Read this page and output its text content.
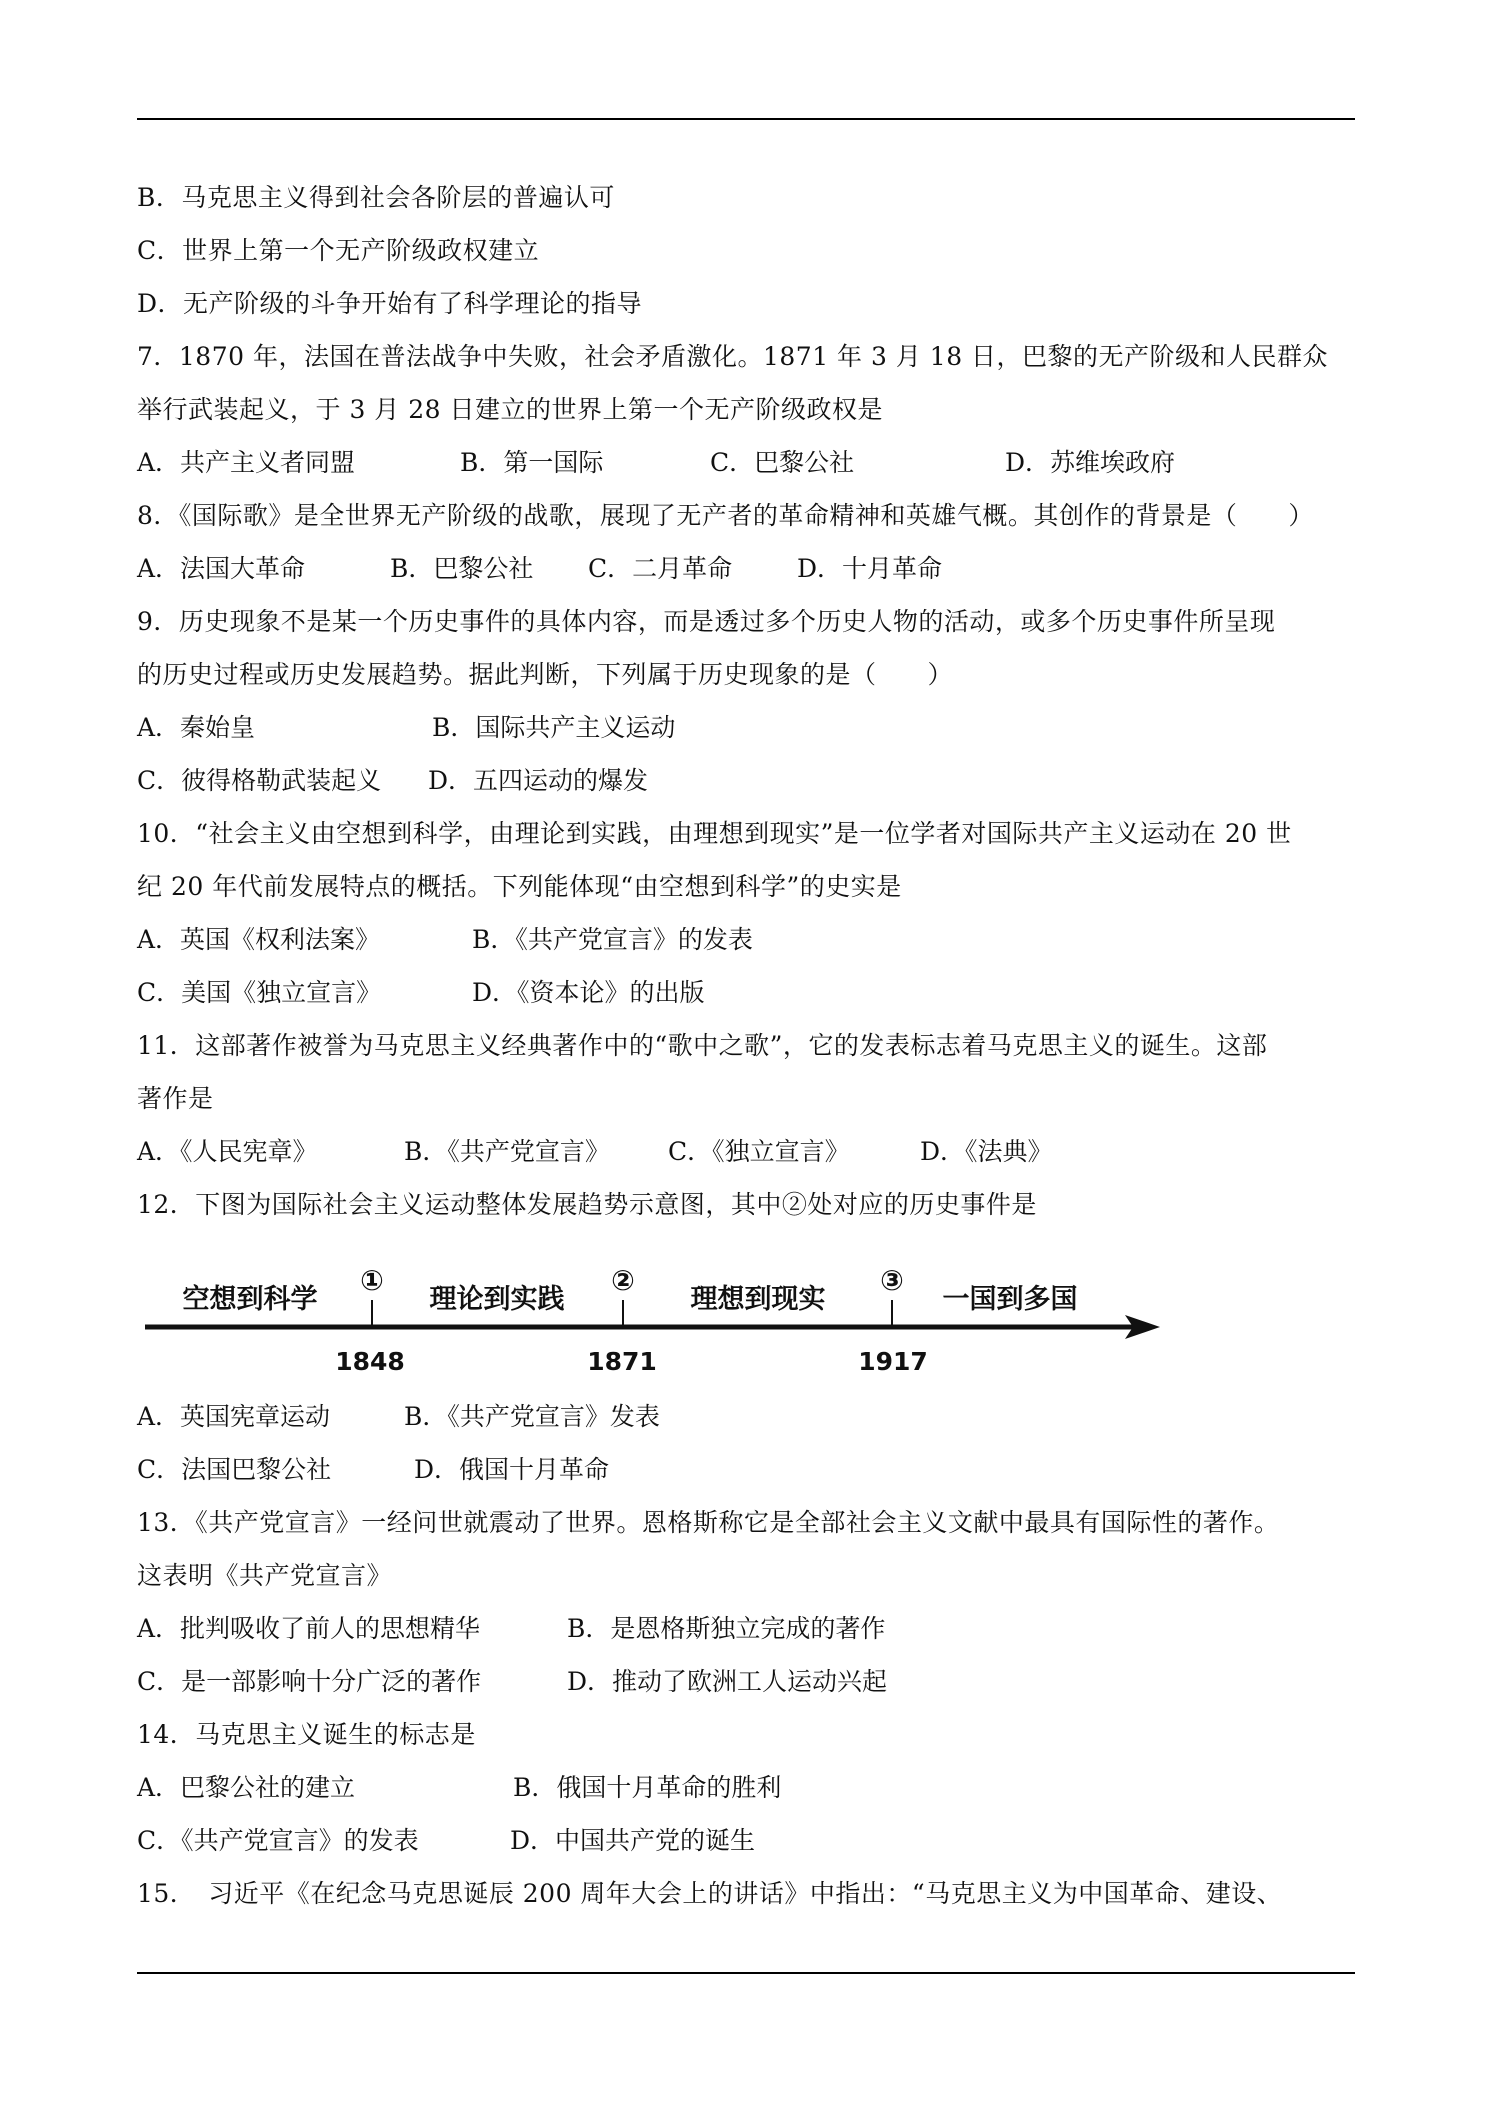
B．马克思主义得到社会各阶层的普遍认可
C．世界上第一个无产阶级政权建立
D．无产阶级的斗争开始有了科学理论的指导
7．1870 年，法国在普法战争中失败，社会矛盾激化。1871 年 3 月 18 日，巴黎的无产阶级和人民群众
举行武装起义，于 3 月 28 日建立的世界上第一个无产阶级政权是
A．共产主义者同盟	B．第一国际	C．巴黎公社	D．苏维埃政府
8．《国际歌》是全世界无产阶级的战歌，展现了无产者的革命精神和英雄气概。其创作的背景是（　　）
A．法国大革命	B．巴黎公社 C．二月革命	D．十月革命
9．历史现象不是某一个历史事件的具体内容，而是透过多个历史人物的活动，或多个历史事件所呈现
的历史过程或历史发展趋势。据此判断，下列属于历史现象的是（　　）
A．秦始皇	B．国际共产主义运动
C．彼得格勒武装起义 D．五四运动的爆发
10．“社会主义由空想到科学，由理论到实践，由理想到现实”是一位学者对国际共产主义运动在 20 世
纪 20 年代前发展特点的概括。下列能体现“由空想到科学”的史实是
A．英国《权利法案》	B．《共产党宣言》的发表
C．美国《独立宣言》	D．《资本论》的出版
11．这部著作被誉为马克思主义经典著作中的“歌中之歌”，它的发表标志着马克思主义的诞生。这部
著作是
A．《人民宪章》	B．《共产党宣言》 C．《独立宣言》	D．《法典》
12．下图为国际社会主义运动整体发展趋势示意图，其中②处对应的历史事件是
空想到科学	理论到实践	理想到现实	一国到多国
①	②	③
1848	1871	1917
A．英国宪章运动	B．《共产党宣言》发表
C．法国巴黎公社	D．俄国十月革命
13．《共产党宣言》一经问世就震动了世界。恩格斯称它是全部社会主义文献中最具有国际性的著作。
这表明《共产党宣言》
A．批判吸收了前人的思想精华	B．是恩格斯独立完成的著作
C．是一部影响十分广泛的著作	D．推动了欧洲工人运动兴起
14．马克思主义诞生的标志是
A．巴黎公社的建立	B．俄国十月革命的胜利
C．《共产党宣言》的发表	D．中国共产党的诞生
15．　习近平《在纪念马克思诞辰 200 周年大会上的讲话》中指出：“马克思主义为中国革命、建设、
